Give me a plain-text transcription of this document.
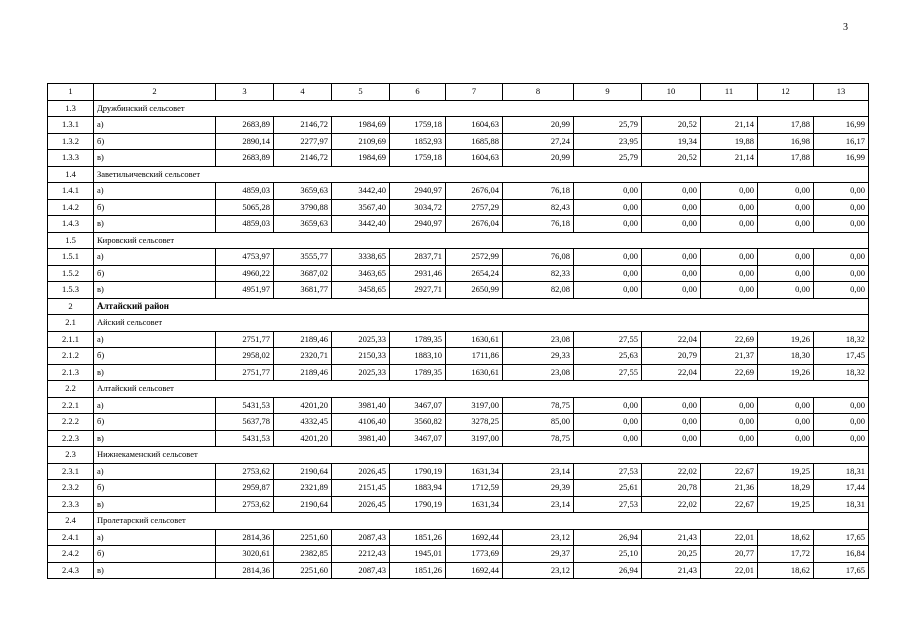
3
1	2	3	4	5	6	7	8	9	10	11	12	13
1.3	Дружбинский сельсовет											
1.3.1	а)	2683,89	2146,72	1984,69	1759,18	1604,63	20,99	25,79	20,52	21,14	17,88	16,99
1.3.2	б)	2890,14	2277,97	2109,69	1852,93	1685,88	27,24	23,95	19,34	19,88	16,98	16,17
1.3.3	в)	2683,89	2146,72	1984,69	1759,18	1604,63	20,99	25,79	20,52	21,14	17,88	16,99
1.4	Заветильичевский сельсовет											
1.4.1	а)	4859,03	3659,63	3442,40	2940,97	2676,04	76,18	0,00	0,00	0,00	0,00	0,00
1.4.2	б)	5065,28	3790,88	3567,40	3034,72	2757,29	82,43	0,00	0,00	0,00	0,00	0,00
1.4.3	в)	4859,03	3659,63	3442,40	2940,97	2676,04	76,18	0,00	0,00	0,00	0,00	0,00
1.5	Кировский сельсовет											
1.5.1	а)	4753,97	3555,77	3338,65	2837,71	2572,99	76,08	0,00	0,00	0,00	0,00	0,00
1.5.2	б)	4960,22	3687,02	3463,65	2931,46	2654,24	82,33	0,00	0,00	0,00	0,00	0,00
1.5.3	в)	4951,97	3681,77	3458,65	2927,71	2650,99	82,08	0,00	0,00	0,00	0,00	0,00
2	Алтайский район											
2.1	Айский сельсовет											
2.1.1	а)	2751,77	2189,46	2025,33	1789,35	1630,61	23,08	27,55	22,04	22,69	19,26	18,32
2.1.2	б)	2958,02	2320,71	2150,33	1883,10	1711,86	29,33	25,63	20,79	21,37	18,30	17,45
2.1.3	в)	2751,77	2189,46	2025,33	1789,35	1630,61	23,08	27,55	22,04	22,69	19,26	18,32
2.2	Алтайский сельсовет											
2.2.1	а)	5431,53	4201,20	3981,40	3467,07	3197,00	78,75	0,00	0,00	0,00	0,00	0,00
2.2.2	б)	5637,78	4332,45	4106,40	3560,82	3278,25	85,00	0,00	0,00	0,00	0,00	0,00
2.2.3	в)	5431,53	4201,20	3981,40	3467,07	3197,00	78,75	0,00	0,00	0,00	0,00	0,00
2.3	Нижнекаменский сельсовет											
2.3.1	а)	2753,62	2190,64	2026,45	1790,19	1631,34	23,14	27,53	22,02	22,67	19,25	18,31
2.3.2	б)	2959,87	2321,89	2151,45	1883,94	1712,59	29,39	25,61	20,78	21,36	18,29	17,44
2.3.3	в)	2753,62	2190,64	2026,45	1790,19	1631,34	23,14	27,53	22,02	22,67	19,25	18,31
2.4	Пролетарский сельсовет											
2.4.1	а)	2814,36	2251,60	2087,43	1851,26	1692,44	23,12	26,94	21,43	22,01	18,62	17,65
2.4.2	б)	3020,61	2382,85	2212,43	1945,01	1773,69	29,37	25,10	20,25	20,77	17,72	16,84
2.4.3	в)	2814,36	2251,60	2087,43	1851,26	1692,44	23,12	26,94	21,43	22,01	18,62	17,65
